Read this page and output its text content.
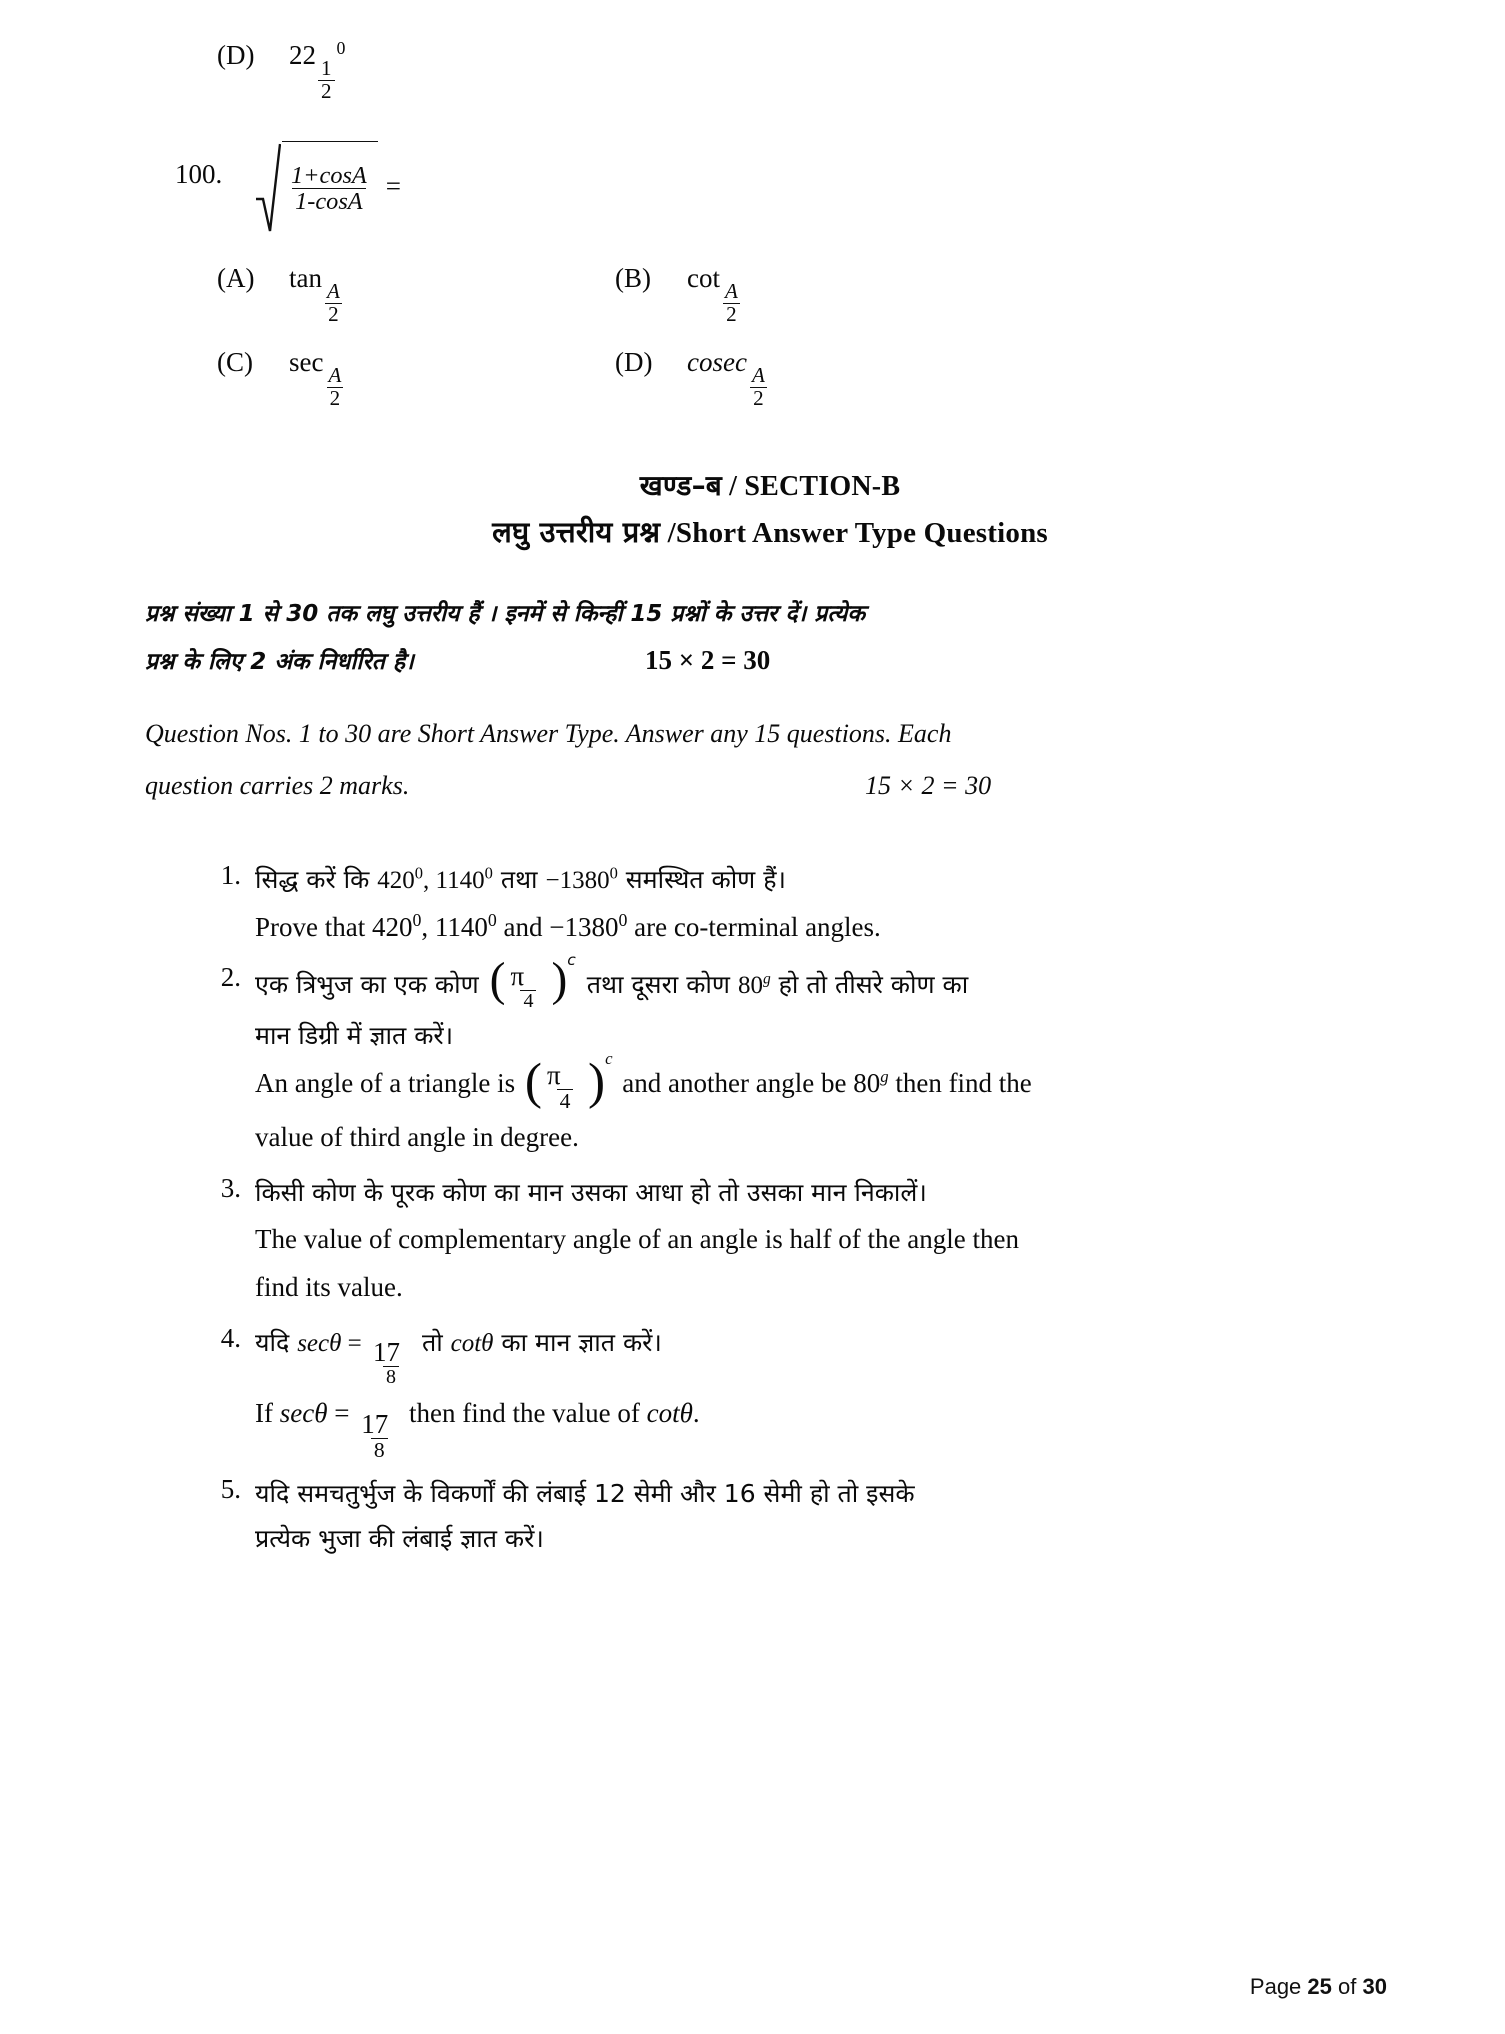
(D)	22
$\frac{1}{2}$
$^0$
100.	$\frac{1+\cos A}{1-\cos A}$ =
(A)	tan
$\frac{A}{2}$
(B)	cot
$\frac{A}{2}$
(C)	sec
$\frac{A}{2}$
(D)	cosec
$\frac{A}{2}$
खण्ड–ब / SECTION-B
लघु उत्तरीय प्रश्न /Short Answer Type Questions
प्रश्न संख्या 1 से 30 तक लघु उत्तरीय हैं । इनमें से किन्हीं 15 प्रश्नों के उत्तर दें। प्रत्येक
प्रश्न के लिए 2 अंक निर्धारित है।	15 × 2 = 30
Question Nos. 1 to 30 are Short Answer Type. Answer any 15 questions. Each
question carries 2 marks.	15 × 2 = 30
1. सिद्ध करें कि $420^0$, 1140$^0$ तथा $-1380^0$ समस्थित कोण हैं।
Prove that $420^0$, 1140$^0$ and $-1380^0$ are co-terminal angles.
2. एक त्रिभुज का एक कोण ( $\frac{\pi}{4}$ ) c
तथा दूसरा कोण 80$^g$ हो तो तीसरे कोण का
मान डिग्री में ज्ञात करें।
An angle of a triangle is ( $\frac{\pi}{4}$ ) c
and another angle be 80$^g$ then find the
value of third angle in degree.
3. किसी कोण के पूरक कोण का मान उसका आधा हो तो उसका मान निकालें।
The value of complementary angle of an angle is half of the angle then
find its value.
4. यदि $\sec\theta = \frac{17}{8}$ तो cotθ का मान ज्ञात करें।
If $\sec\theta = \frac{17}{8}$ then find the value of cotθ.
5. यदि समचतुर्भुज के विकर्णों की लंबाई 12 सेमी और 16 सेमी हो तो इसके
प्रत्येक भुजा की लंबाई ज्ञात करें।
Page 25 of 30
